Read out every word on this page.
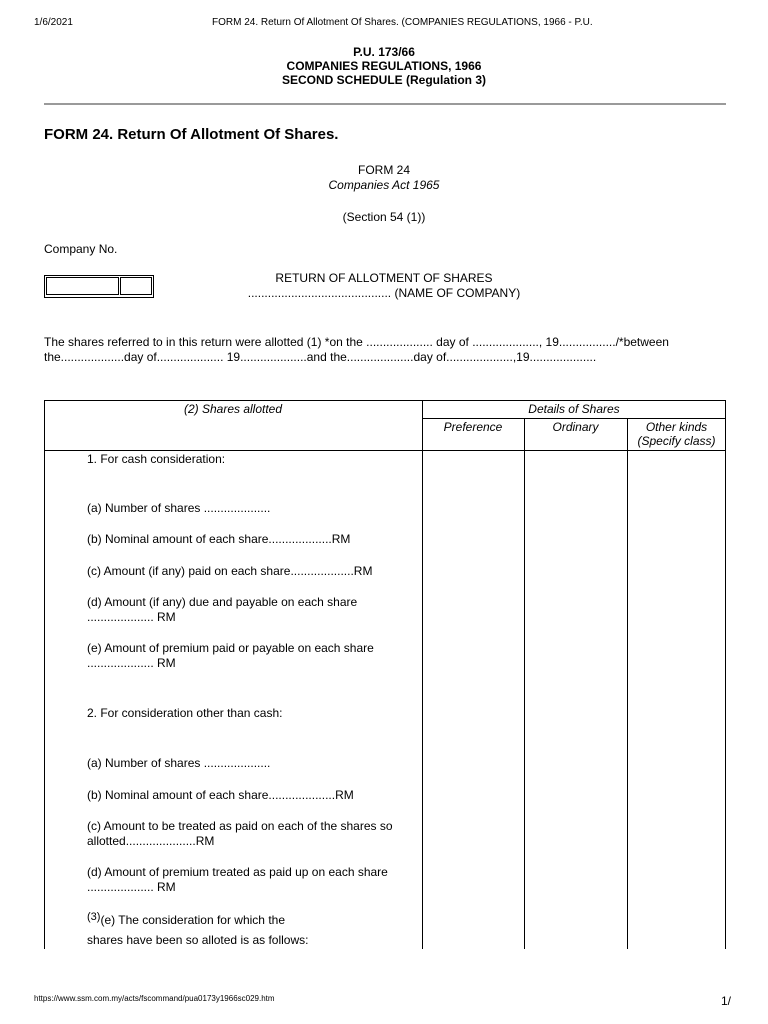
1/6/2021	FORM 24. Return Of Allotment Of Shares. (COMPANIES REGULATIONS, 1966 - P.U.
P.U. 173/66
COMPANIES REGULATIONS, 1966
SECOND SCHEDULE (Regulation 3)
FORM 24. Return Of Allotment Of Shares.
FORM 24
Companies Act 1965
(Section 54 (1))
Company No.
RETURN OF ALLOTMENT OF SHARES
........................................... (NAME OF COMPANY)
The shares referred to in this return were allotted (1) *on the .................... day of ...................., 19................./*between
the...................day of.................... 19....................and the....................day of....................,19....................
(2) Shares allotted	Details of Shares
Preference	Ordinary	Other kinds
(Specify class)
1. For cash consideration:
(a) Number of shares ....................
(b) Nominal amount of each share...................RM
(c) Amount (if any) paid on each share...................RM
(d) Amount (if any) due and payable on each share
.................... RM
(e) Amount of premium paid or payable on each share
.................... RM
2. For consideration other than cash:
(a) Number of shares ....................
(b) Nominal amount of each share....................RM
(c) Amount to be treated as paid on each of the shares so
allotted.....................RM
(d) Amount of premium treated as paid up on each share
.................... RM
$^{(3)}$(e) The consideration for which the
shares have been so alloted is as follows:
https://www.ssm.com.my/acts/fscommand/pua0173y1966sc029.htm	1/
